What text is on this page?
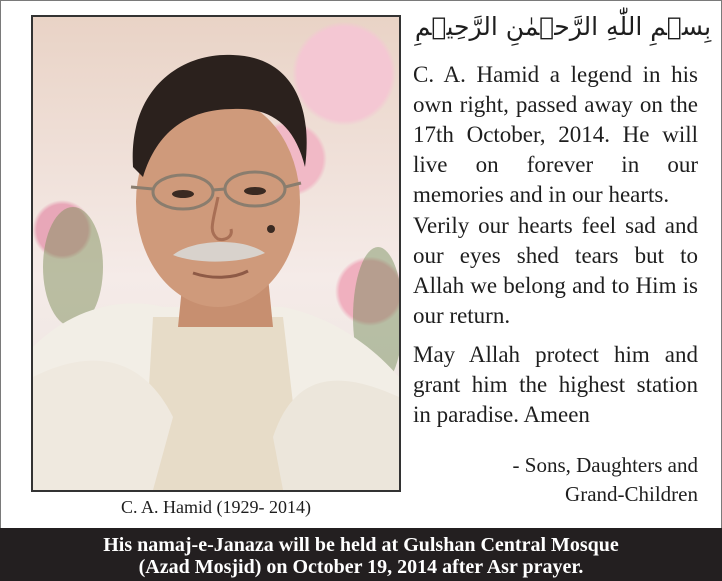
C. A. Hamid (1929- 2014)
بِسۡمِ اللّٰهِ الرَّحۡمٰنِ الرَّحِیۡمِ

C. A. Hamid a legend in his own right, passed away on the 17th October, 2014. He will live on forever in our memories and in our hearts.

Verily our hearts feel sad and our eyes shed tears but to Allah we belong and to Him is our return.

May Allah protect him and grant him the highest station in paradise. Ameen

- Sons, Daughters and
Grand-Children
His namaj-e-Janaza will be held at Gulshan Central Mosque
(Azad Mosjid) on October 19, 2014 after Asr prayer.
